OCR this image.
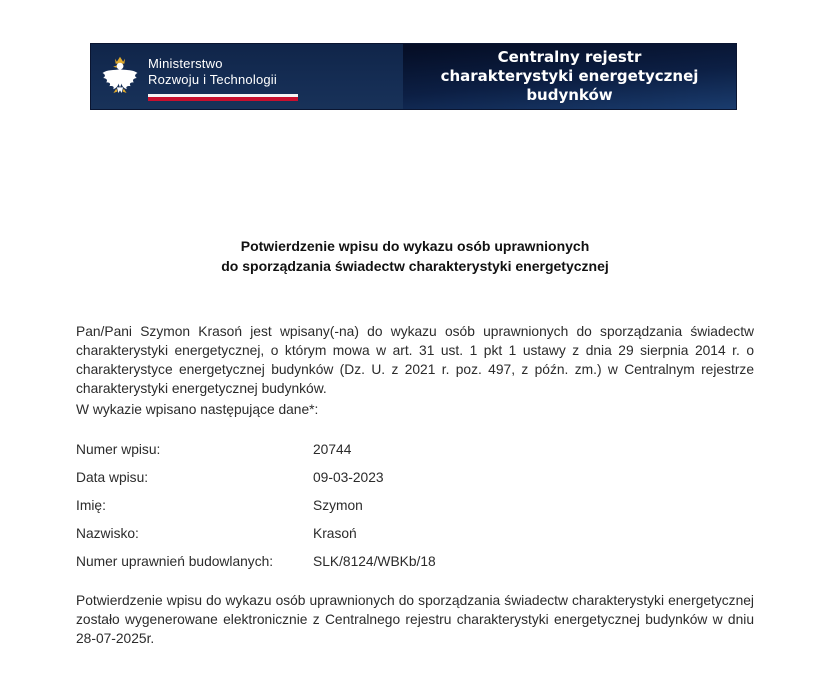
Ministerstwo
Rozwoju i Technologii
Centralny rejestr
charakterystyki energetycznej
budynków
Potwierdzenie wpisu do wykazu osób uprawnionych
do sporządzania świadectw charakterystyki energetycznej
Pan/Pani Szymon Krasoń jest wpisany(-na) do wykazu osób uprawnionych do sporządzania świadectw charakterystyki energetycznej, o którym mowa w art. 31 ust. 1 pkt 1 ustawy z dnia 29 sierpnia 2014 r. o charakterystyce energetycznej budynków (Dz. U. z 2021 r. poz. 497, z późn. zm.) w Centralnym rejestrze charakterystyki energetycznej budynków.
W wykazie wpisano następujące dane*:
Numer wpisu:	20744
Data wpisu:	09-03-2023
Imię:	Szymon
Nazwisko:	Krasoń
Numer uprawnień budowlanych:	SLK/8124/WBKb/18
Potwierdzenie wpisu do wykazu osób uprawnionych do sporządzania świadectw charakterystyki energetycznej zostało wygenerowane elektronicznie z Centralnego rejestru charakterystyki energetycznej budynków w dniu 28-07-2025r.
